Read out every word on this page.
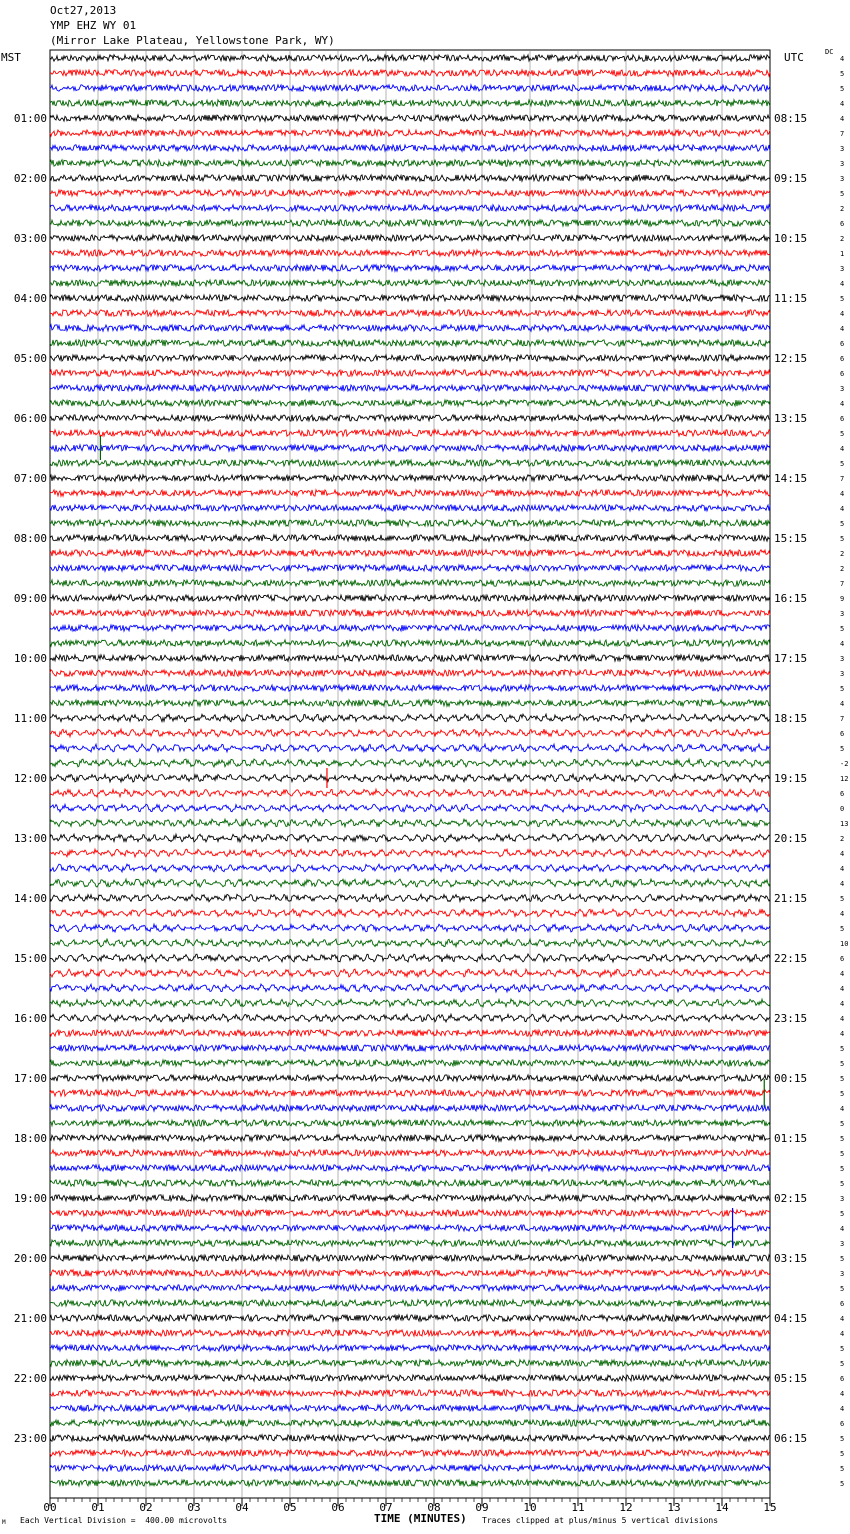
Oct27,2013
YMP EHZ WY 01
(Mirror Lake Plateau, Yellowstone Park, WY)
MST	UTC	DC
01:00
02:00
03:00
04:00
05:00
06:00
07:00
08:00
09:00
10:00
11:00
12:00
13:00
14:00
15:00
16:00
17:00
18:00
19:00
20:00
21:00
22:00
23:00
08:15
09:15
10:15
11:15
12:15
13:15
14:15
15:15
16:15
17:15
18:15
19:15
20:15
21:15
22:15
23:15
00:15
01:15
02:15
03:15
04:15
05:15
06:15
4
5
5
4
4
7
3
3
3
5
2
6
2
1
3
4
5
4
4
6
6
6
3
4
6
5
4
5
7
4
4
5
5
2
2
7
9
3
5
4
3
3
5
4
7
6
5
-2
12
6
0
13
2
4
4
4
5
4
5
10
6
4
4
4
4
4
5
5
5
5
4
5
5
5
5
5
3
5
4
3
5
3
5
6
4
4
5
5
6
4
4
6
5
5
5
5
00	01	02	03	04	05	06	07	08	09	10	11	12	13	14	15
M Each Vertical Division =  400.00 microvolts	TIME (MINUTES) Traces clipped at plus/minus 5 vertical divisions
